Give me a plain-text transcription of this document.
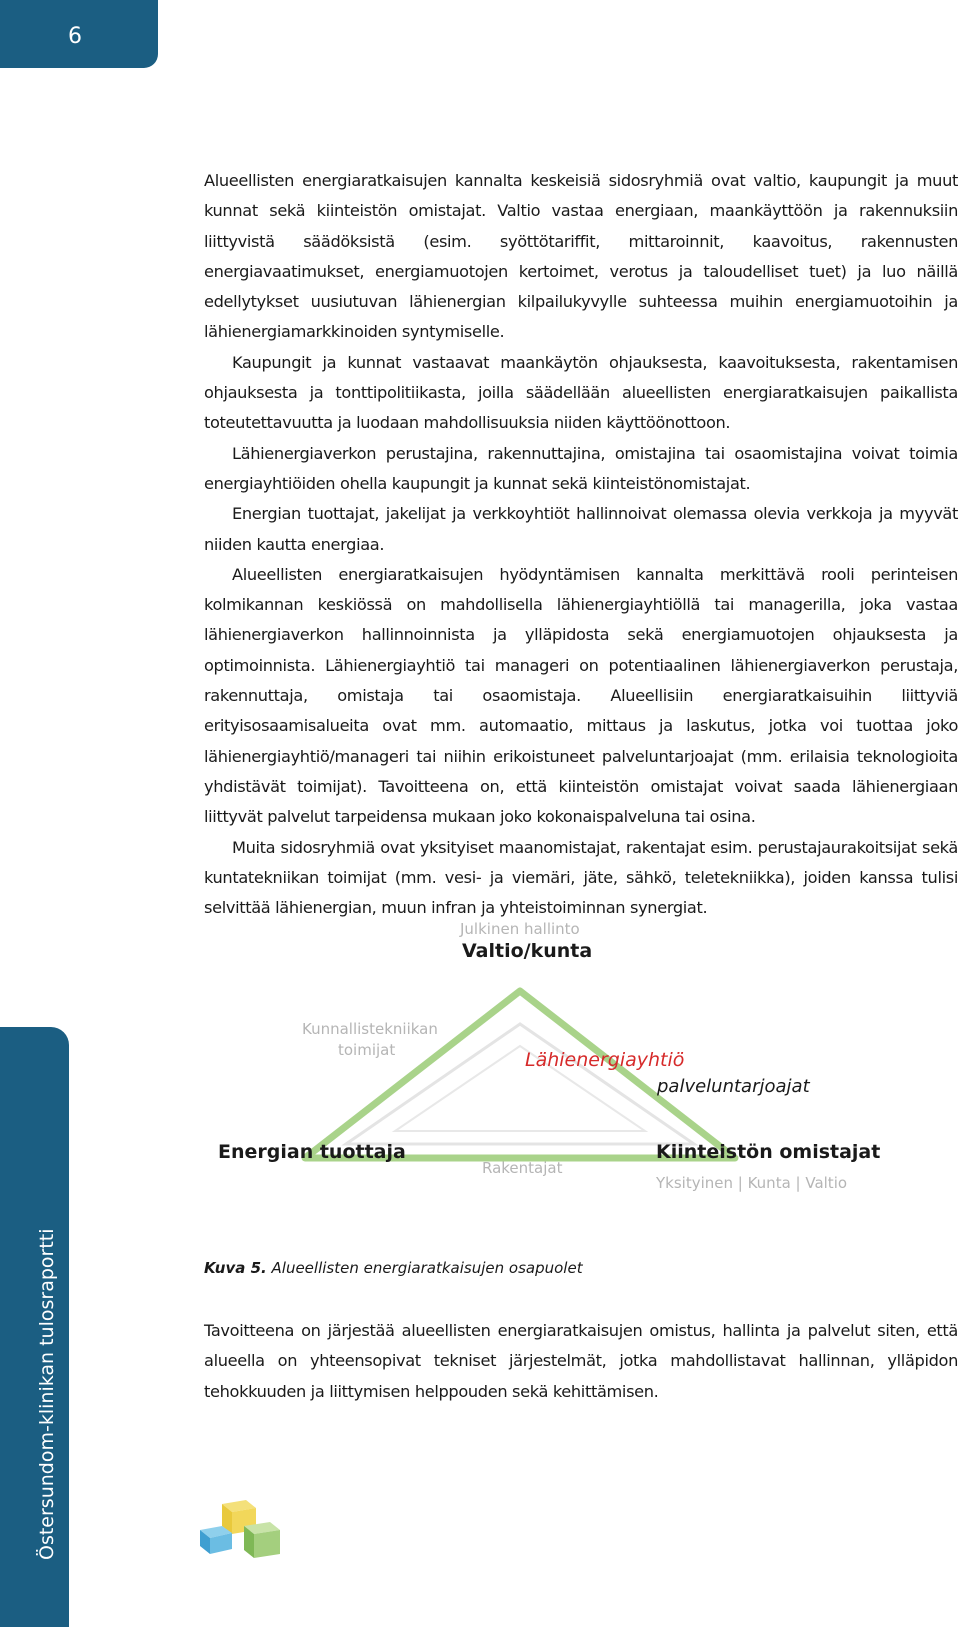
6
Östersundom-klinikan tulosraportti

Alueellisten energiaratkaisujen kannalta keskeisiä sidosryhmiä ovat valtio, kaupungit ja muut kunnat sekä kiinteistön omistajat. Valtio vastaa energiaan, maankäyttöön ja rakennuksiin liittyvistä säädöksistä (esim. syöttötariffit, mittaroinnit, kaavoitus, rakennusten energiavaatimukset, energiamuotojen kertoimet, verotus ja taloudelliset tuet) ja luo näillä edellytykset uusiutuvan lähienergian kilpailukyvylle suhteessa muihin energiamuotoihin ja lähienergiamarkkinoiden syntymiselle.

Kaupungit ja kunnat vastaavat maankäytön ohjauksesta, kaavoituksesta, rakentamisen ohjauksesta ja tonttipolitiikasta, joilla säädellään alueellisten energiaratkaisujen paikallista toteutettavuutta ja luodaan mahdollisuuksia niiden käyttöönottoon.

Lähienergiaverkon perustajina, rakennuttajina, omistajina tai osaomistajina voivat toimia energiayhtiöiden ohella kaupungit ja kunnat sekä kiinteistönomistajat.

Energian tuottajat, jakelijat ja verkkoyhtiöt hallinnoivat olemassa olevia verkkoja ja myyvät niiden kautta energiaa.

Alueellisten energiaratkaisujen hyödyntämisen kannalta merkittävä rooli perinteisen kolmikannan keskiössä on mahdollisella lähienergiayhtiöllä tai managerilla, joka vastaa lähienergiaverkon hallinnoinnista ja ylläpidosta sekä energiamuotojen ohjauksesta ja optimoinnista. Lähienergiayhtiö tai manageri on potentiaalinen lähienergiaverkon perustaja, rakennuttaja, omistaja tai osaomistaja. Alueellisiin energiaratkaisuihin liittyviä erityisosaamisalueita ovat mm. automaatio, mittaus ja laskutus, jotka voi tuottaa joko lähienergiayhtiö/manageri tai niihin erikoistuneet palveluntarjoajat (mm. erilaisia teknologioita yhdistävät toimijat). Tavoitteena on, että kiinteistön omistajat voivat saada lähienergiaan liittyvät palvelut tarpeidensa mukaan joko kokonaispalveluna tai osina.

Muita sidosryhmiä ovat yksityiset maanomistajat, rakentajat esim. perustajaurakoitsijat sekä kuntatekniikan toimijat (mm. vesi- ja viemäri, jäte, sähkö, teletekniikka), joiden kanssa tulisi selvittää lähienergian, muun infran ja yhteistoiminnan synergiat.

Julkinen hallinto
Valtio/kunta
Kunnallistekniikan
toimijat	Lähienergiayhtiö
palveluntarjoajat
Energian tuottaja
Rakentajat
Kiinteistön omistajat
Yksityinen | Kunta | Valtio
Kuva 5. Alueellisten energiaratkaisujen osapuolet

Tavoitteena on järjestää alueellisten energiaratkaisujen omistus, hallinta ja palvelut siten, että alueella on yhteensopivat tekniset järjestelmät, jotka mahdollistavat hallinnan, ylläpidon tehokkuuden ja liittymisen helppouden sekä kehittämisen.
